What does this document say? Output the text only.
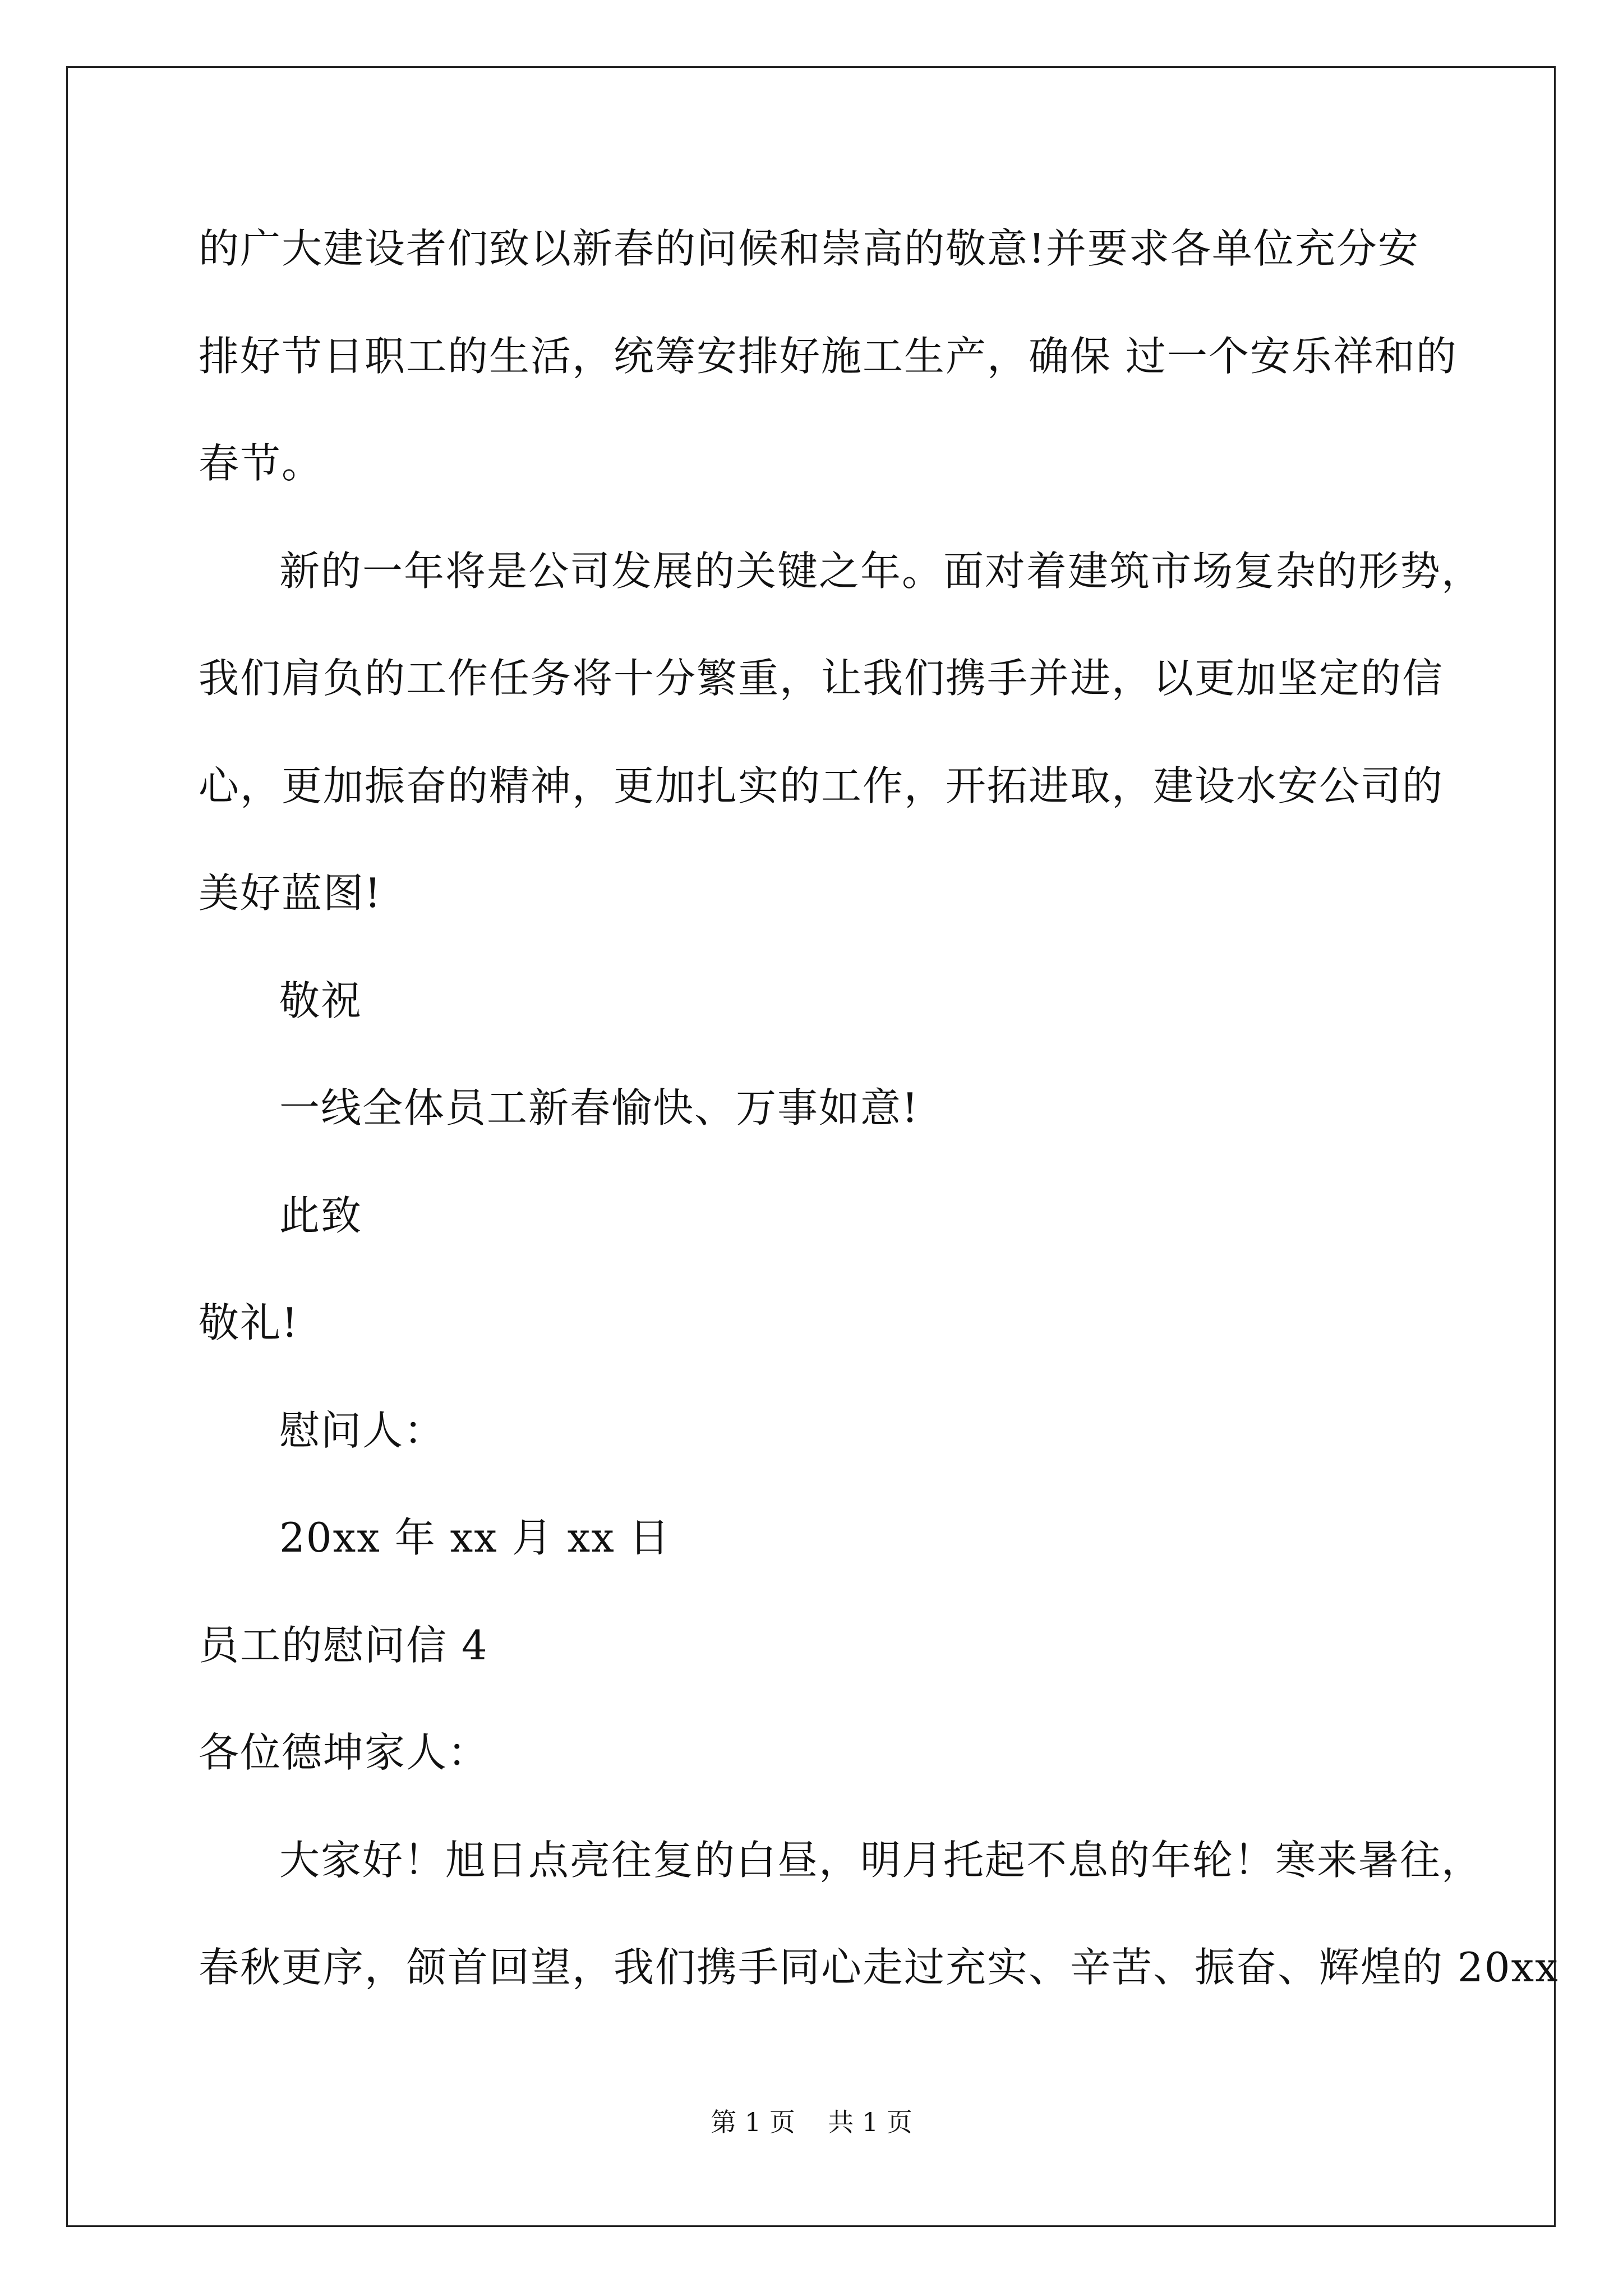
的广大建设者们致以新春的问候和崇高的敬意!并要求各单位充分安
排好节日职工的生活，统筹安排好施工生产，确保 过一个安乐祥和的
春节。
新的一年将是公司发展的关键之年。面对着建筑市场复杂的形势，
我们肩负的工作任务将十分繁重，让我们携手并进，以更加坚定的信
心，更加振奋的精神，更加扎实的工作，开拓进取，建设水安公司的
美好蓝图!
敬祝
一线全体员工新春愉快、万事如意!
此致
敬礼!
慰问人：
20xx 年 xx 月 xx 日
员工的慰问信 4
各位德坤家人：
大家好！旭日点亮往复的白昼，明月托起不息的年轮！寒来暑往，
春秋更序，颌首回望，我们携手同心走过充实、辛苦、振奋、辉煌的 20xx
第 1 页    共 1 页
